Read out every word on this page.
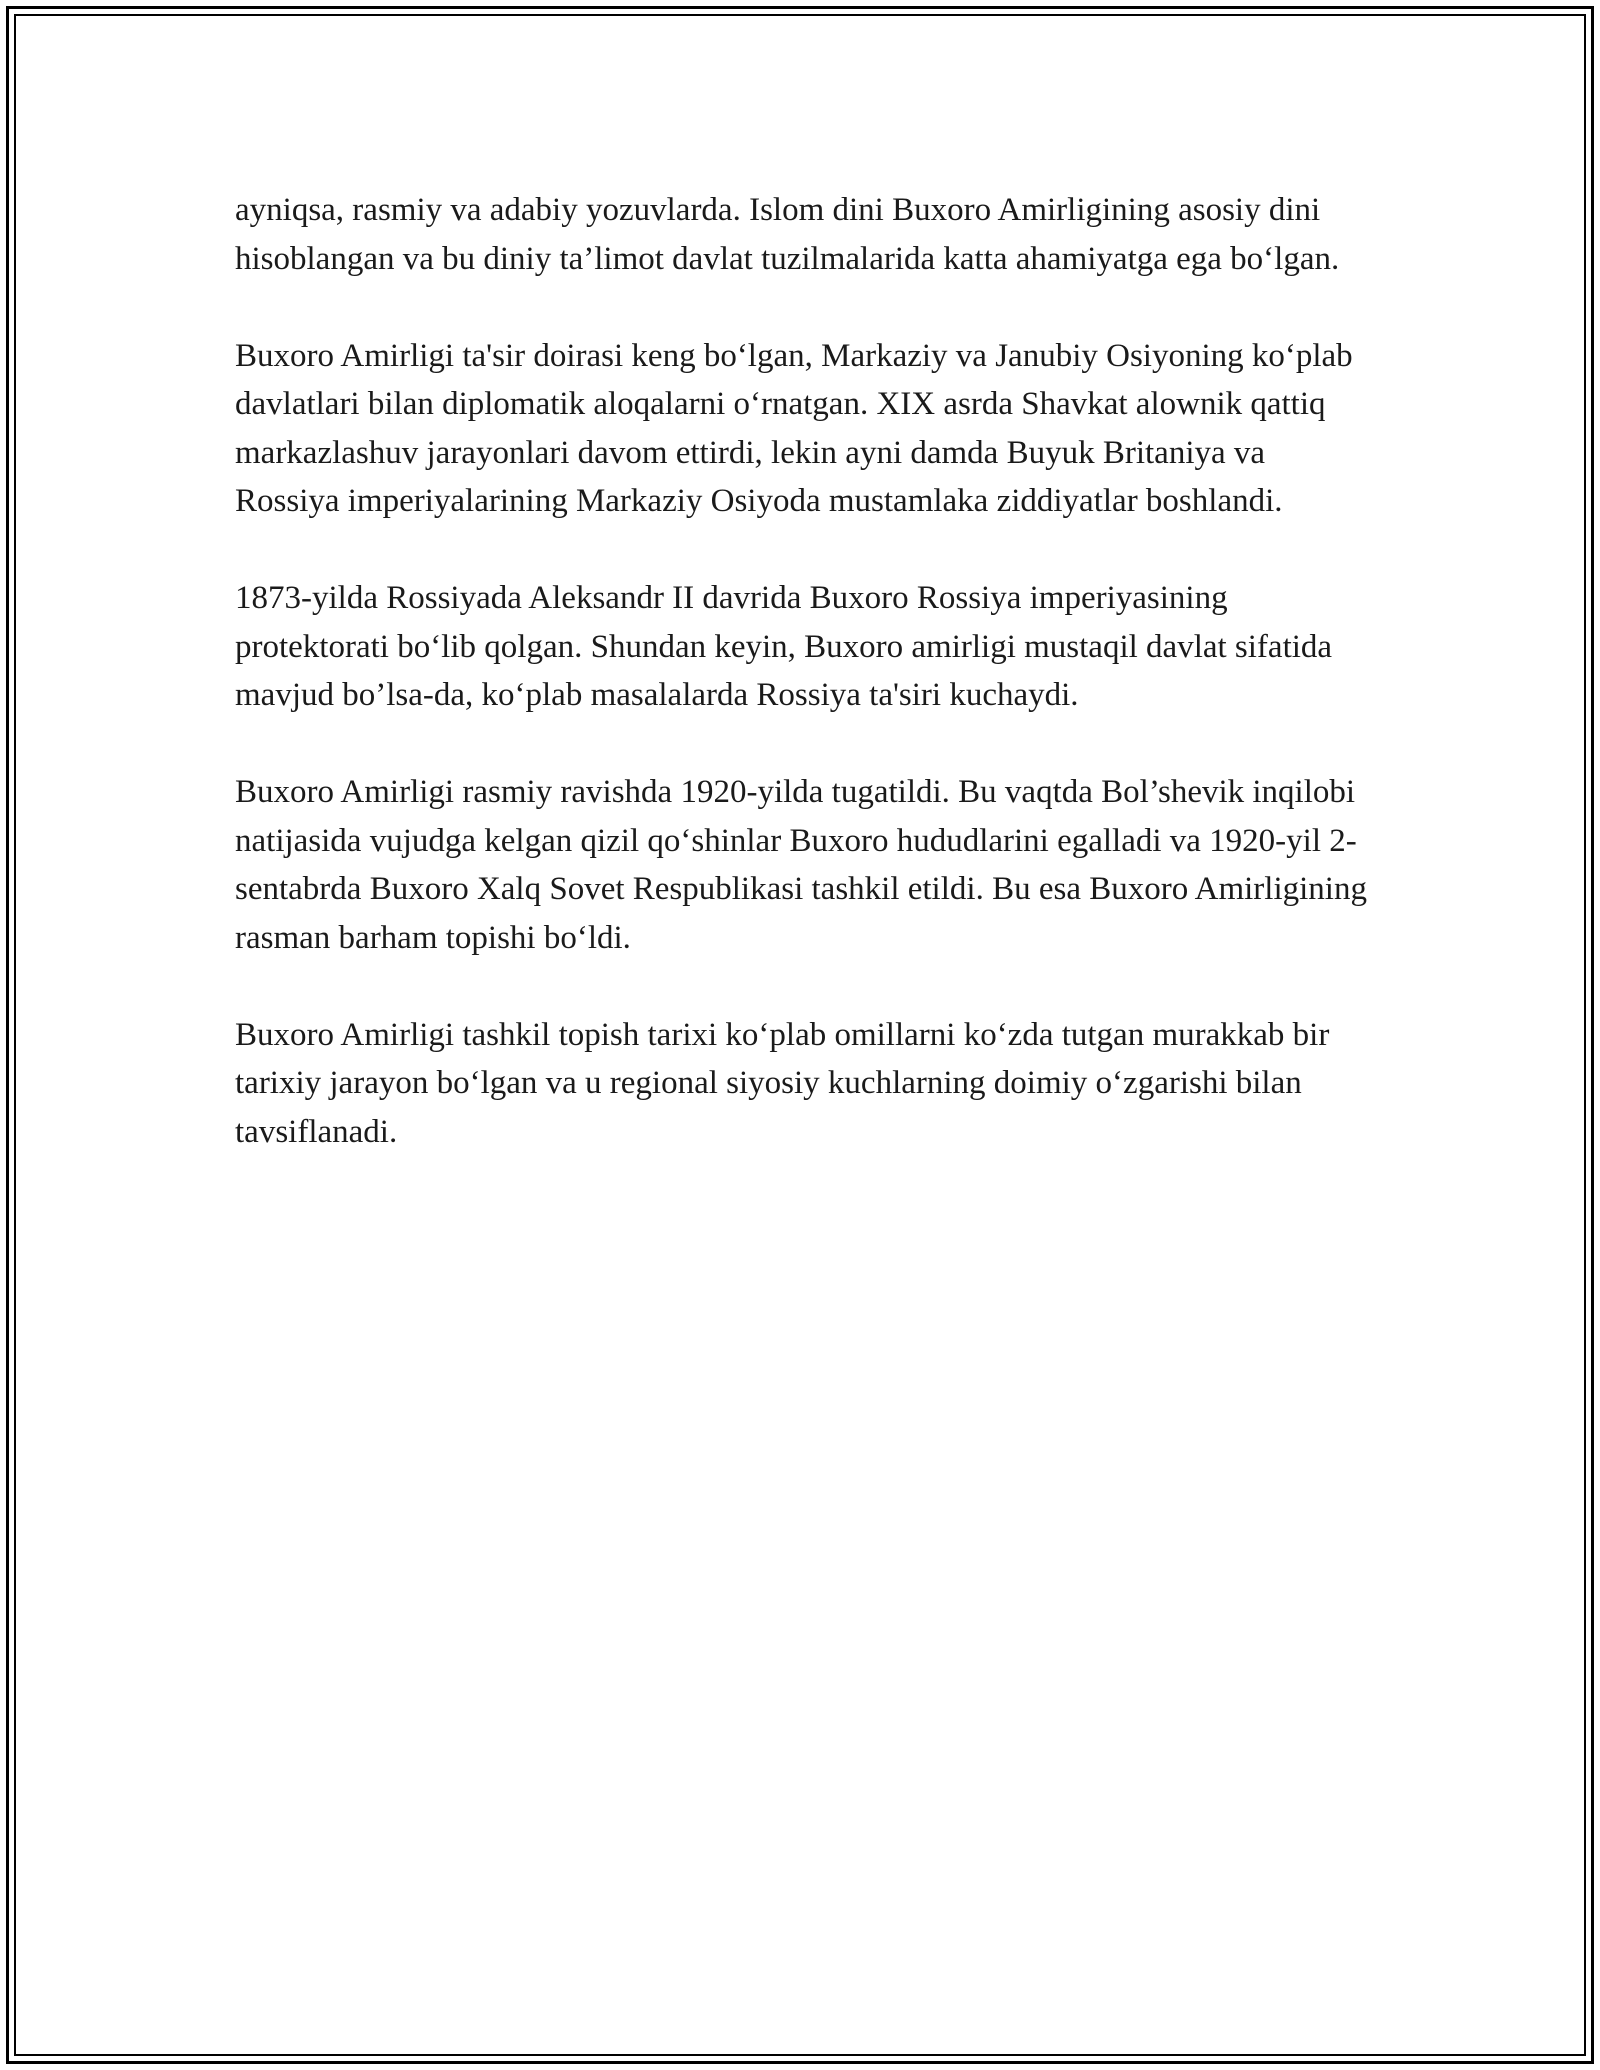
ayniqsa, rasmiy va adabiy yozuvlarda. Islom dini Buxoro Amirligining asosiy dini hisoblangan va bu diniy ta’limot davlat tuzilmalarida katta ahamiyatga ega bo‘lgan.

Buxoro Amirligi ta'sir doirasi keng bo‘lgan, Markaziy va Janubiy Osiyoning ko‘plab davlatlari bilan diplomatik aloqalarni o‘rnatgan. XIX asrda Shavkat alownik qattiq markazlashuv jarayonlari davom ettirdi, lekin ayni damda Buyuk Britaniya va Rossiya imperiyalarining Markaziy Osiyoda mustamlaka ziddiyatlar boshlandi.

1873-yilda Rossiyada Aleksandr II davrida Buxoro Rossiya imperiyasining protektorati bo‘lib qolgan. Shundan keyin, Buxoro amirligi mustaqil davlat sifatida mavjud bo’lsa-da, ko‘plab masalalarda Rossiya ta'siri kuchaydi.

Buxoro Amirligi rasmiy ravishda 1920-yilda tugatildi. Bu vaqtda Bol’shevik inqilobi natijasida vujudga kelgan qizil qo‘shinlar Buxoro hududlarini egalladi va 1920-yil 2-sentabrda Buxoro Xalq Sovet Respublikasi tashkil etildi. Bu esa Buxoro Amirligining rasman barham topishi bo‘ldi.

Buxoro Amirligi tashkil topish tarixi ko‘plab omillarni ko‘zda tutgan murakkab bir tarixiy jarayon bo‘lgan va u regional siyosiy kuchlarning doimiy o‘zgarishi bilan tavsiflanadi.
